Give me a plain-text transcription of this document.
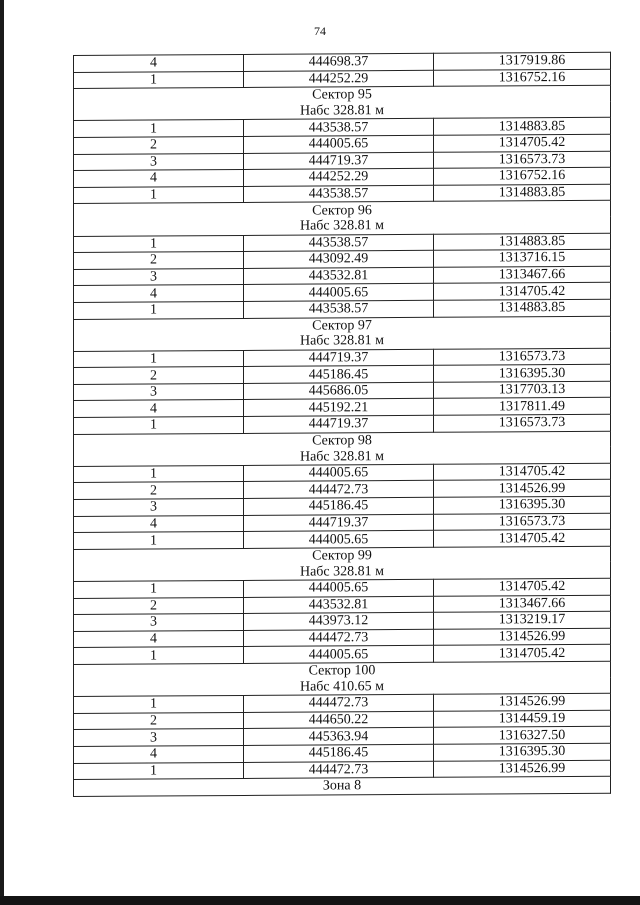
74
4	444698.37	1317919.86
1	444252.29	1316752.16
Сектор 95		
Набс 328.81 м		
1	443538.57	1314883.85
2	444005.65	1314705.42
3	444719.37	1316573.73
4	444252.29	1316752.16
1	443538.57	1314883.85
Сектор 96		
Набс 328.81 м		
1	443538.57	1314883.85
2	443092.49	1313716.15
3	443532.81	1313467.66
4	444005.65	1314705.42
1	443538.57	1314883.85
Сектор 97		
Набс 328.81 м		
1	444719.37	1316573.73
2	445186.45	1316395.30
3	445686.05	1317703.13
4	445192.21	1317811.49
1	444719.37	1316573.73
Сектор 98		
Набс 328.81 м		
1	444005.65	1314705.42
2	444472.73	1314526.99
3	445186.45	1316395.30
4	444719.37	1316573.73
1	444005.65	1314705.42
Сектор 99		
Набс 328.81 м		
1	444005.65	1314705.42
2	443532.81	1313467.66
3	443973.12	1313219.17
4	444472.73	1314526.99
1	444005.65	1314705.42
Сектор 100		
Набс 410.65 м		
1	444472.73	1314526.99
2	444650.22	1314459.19
3	445363.94	1316327.50
4	445186.45	1316395.30
1	444472.73	1314526.99
Зона 8		
